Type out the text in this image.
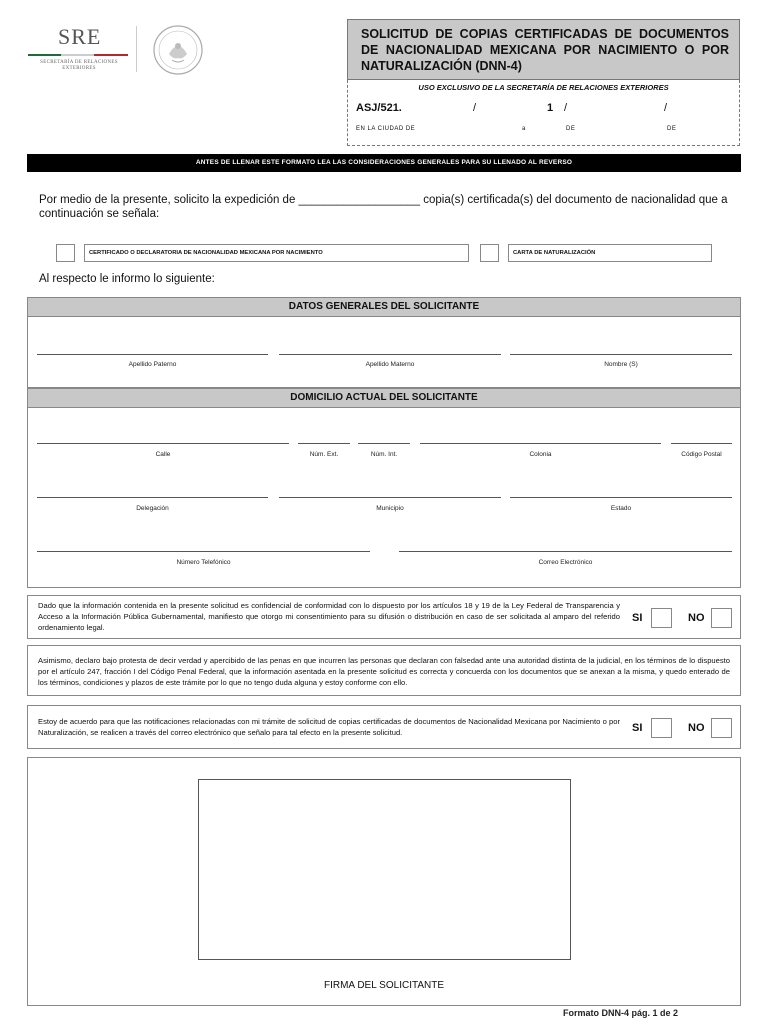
SRE
SECRETARÍA DE RELACIONES EXTERIORES
SOLICITUD DE COPIAS CERTIFICADAS DE DOCUMENTOS DE NACIONALIDAD MEXICANA POR NACIMIENTO O POR NATURALIZACIÓN (DNN-4)
USO EXCLUSIVO DE LA SECRETARÍA DE RELACIONES EXTERIORES
ASJ/521.	/	1 /	/
EN LA CIUDAD DE	a	DE	DE
ANTES DE LLENAR ESTE FORMATO LEA LAS CONSIDERACIONES GENERALES PARA SU LLENADO AL REVERSO
Por medio de la presente, solicito la expedición de ___________________ copia(s) certificada(s) del documento de nacionalidad que a continuación se señala:
CERTIFICADO O DECLARATORIA DE NACIONALIDAD MEXICANA POR NACIMIENTO	CARTA DE NATURALIZACIÓN
Al respecto le informo lo siguiente:
DATOS GENERALES DEL SOLICITANTE
Apellido Paterno	Apellido Materno	Nombre (S)
DOMICILIO ACTUAL DEL SOLICITANTE
Calle	Núm. Ext.	Núm. Int.	Colonia	Código Postal
Delegación	Municipio	Estado
Número Telefónico	Correo Electrónico
Dado que la información contenida en la presente solicitud es confidencial de conformidad con lo dispuesto por los artículos 18 y 19 de la Ley Federal de Transparencia y Acceso a la Información Pública Gubernamental, manifiesto que otorgo mi consentimiento para su difusión o distribución en caso de ser solicitada al amparo del referido ordenamiento legal.
SI	NO
Asimismo, declaro bajo protesta de decir verdad y apercibido de las penas en que incurren las personas que declaran con falsedad ante una autoridad distinta de la judicial, en los términos de lo dispuesto por el artículo 247, fracción I del Código Penal Federal, que la información asentada en la presente solicitud es correcta y concuerda con los documentos que se anexan a la misma, y quedo enterado de los términos, condiciones y plazos de este trámite por lo que no tengo duda alguna y estoy conforme con ello.
Estoy de acuerdo para que las notificaciones relacionadas con mi trámite de solicitud de copias certificadas de documentos de Nacionalidad Mexicana por Nacimiento o por Naturalización, se realicen a través del correo electrónico que señalo para tal efecto en la presente solicitud.	SI	NO
FIRMA DEL SOLICITANTE
Formato DNN-4 pág. 1 de 2
